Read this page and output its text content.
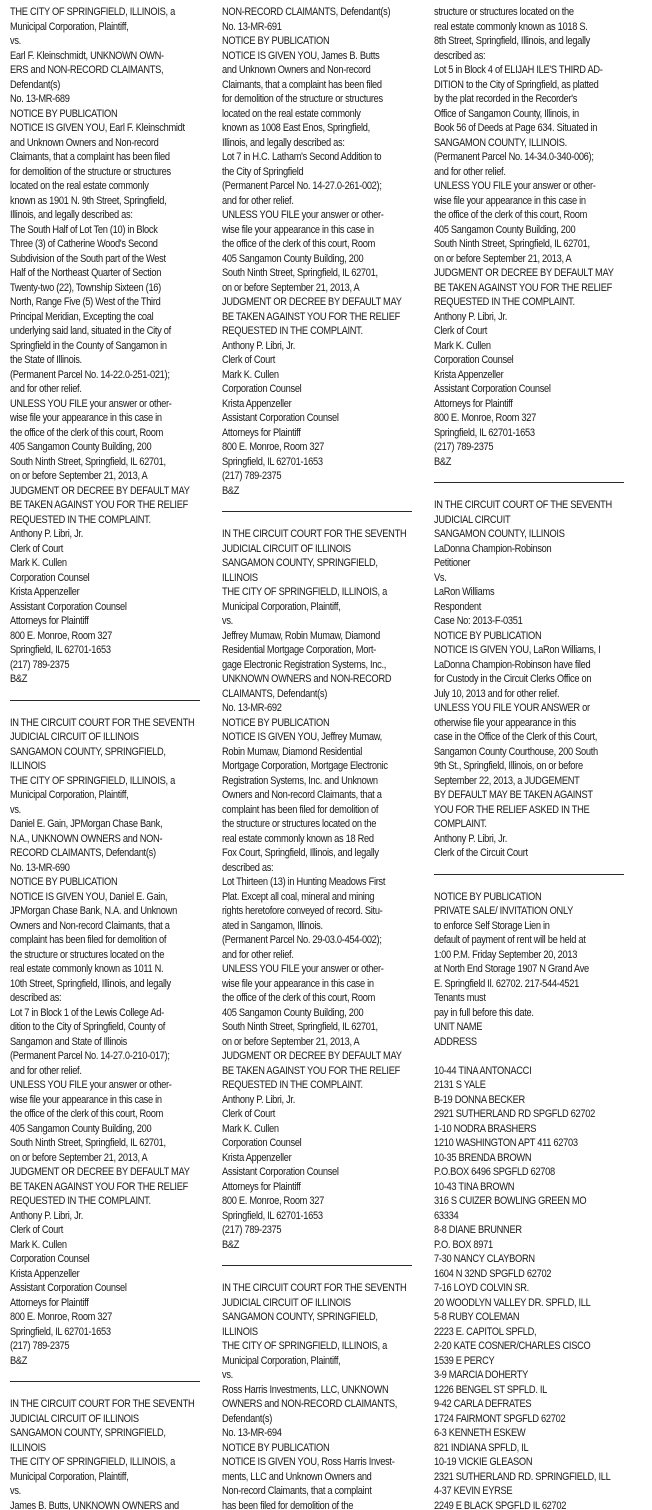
THE CITY OF SPRINGFIELD, ILLINOIS, a
Municipal Corporation, Plaintiff,
vs.
Earl F. Kleinschmidt, UNKNOWN OWN-
ERS and NON-RECORD CLAIMANTS,
Defendant(s)
No. 13-MR-689
NOTICE BY PUBLICATION
NOTICE IS GIVEN YOU, Earl F. Kleinschmidt
and Unknown Owners and Non-record
Claimants, that a complaint has been filed
for demolition of the structure or structures
located on the real estate commonly
known as 1901 N. 9th Street, Springfield,
Illinois, and legally described as:
The South Half of Lot Ten (10) in Block
Three (3) of Catherine Wood's Second
Subdivision of the South part of the West
Half of the Northeast Quarter of Section
Twenty-two (22), Township Sixteen (16)
North, Range Five (5) West of the Third
Principal Meridian, Excepting the coal
underlying said land, situated in the City of
Springfield in the County of Sangamon in
the State of Illinois.
(Permanent Parcel No. 14-22.0-251-021);
and for other relief.
UNLESS YOU FILE your answer or other-
wise file your appearance in this case in
the office of the clerk of this court, Room
405 Sangamon County Building, 200
South Ninth Street, Springfield, IL 62701,
on or before September 21, 2013, A
JUDGMENT OR DECREE BY DEFAULT MAY
BE TAKEN AGAINST YOU FOR THE RELIEF
REQUESTED IN THE COMPLAINT.
Anthony P. Libri, Jr.
Clerk of Court
Mark K. Cullen
Corporation Counsel
Krista Appenzeller
Assistant Corporation Counsel
Attorneys for Plaintiff
800 E. Monroe, Room 327
Springfield, IL 62701-1653
(217) 789-2375
B&Z

IN THE CIRCUIT COURT FOR THE SEVENTH
JUDICIAL CIRCUIT OF ILLINOIS
SANGAMON COUNTY, SPRINGFIELD,
ILLINOIS
THE CITY OF SPRINGFIELD, ILLINOIS, a
Municipal Corporation, Plaintiff,
vs.
Daniel E. Gain, JPMorgan Chase Bank,
N.A., UNKNOWN OWNERS and NON-
RECORD CLAIMANTS, Defendant(s)
No. 13-MR-690
NOTICE BY PUBLICATION
NOTICE IS GIVEN YOU, Daniel E. Gain,
JPMorgan Chase Bank, N.A. and Unknown
Owners and Non-record Claimants, that a
complaint has been filed for demolition of
the structure or structures located on the
real estate commonly known as 1011 N.
10th Street, Springfield, Illinois, and legally
described as:
Lot 7 in Block 1 of the Lewis College Ad-
dition to the City of Springfield, County of
Sangamon and State of Illinois
(Permanent Parcel No. 14-27.0-210-017);
and for other relief.
UNLESS YOU FILE your answer or other-
wise file your appearance in this case in
the office of the clerk of this court, Room
405 Sangamon County Building, 200
South Ninth Street, Springfield, IL 62701,
on or before September 21, 2013, A
JUDGMENT OR DECREE BY DEFAULT MAY
BE TAKEN AGAINST YOU FOR THE RELIEF
REQUESTED IN THE COMPLAINT.
Anthony P. Libri, Jr.
Clerk of Court
Mark K. Cullen
Corporation Counsel
Krista Appenzeller
Assistant Corporation Counsel
Attorneys for Plaintiff
800 E. Monroe, Room 327
Springfield, IL 62701-1653
(217) 789-2375
B&Z

IN THE CIRCUIT COURT FOR THE SEVENTH
JUDICIAL CIRCUIT OF ILLINOIS
SANGAMON COUNTY, SPRINGFIELD,
ILLINOIS
THE CITY OF SPRINGFIELD, ILLINOIS, a
Municipal Corporation, Plaintiff,
vs.
James B. Butts, UNKNOWN OWNERS and

NON-RECORD CLAIMANTS, Defendant(s)
No. 13-MR-691
NOTICE BY PUBLICATION
NOTICE IS GIVEN YOU, James B. Butts
and Unknown Owners and Non-record
Claimants, that a complaint has been filed
for demolition of the structure or structures
located on the real estate commonly
known as 1008 East Enos, Springfield,
Illinois, and legally described as:
Lot 7 in H.C. Latham's Second Addition to
the City of Springfield
(Permanent Parcel No. 14-27.0-261-002);
and for other relief.
UNLESS YOU FILE your answer or other-
wise file your appearance in this case in
the office of the clerk of this court, Room
405 Sangamon County Building, 200
South Ninth Street, Springfield, IL 62701,
on or before September 21, 2013, A
JUDGMENT OR DECREE BY DEFAULT MAY
BE TAKEN AGAINST YOU FOR THE RELIEF
REQUESTED IN THE COMPLAINT.
Anthony P. Libri, Jr.
Clerk of Court
Mark K. Cullen
Corporation Counsel
Krista Appenzeller
Assistant Corporation Counsel
Attorneys for Plaintiff
800 E. Monroe, Room 327
Springfield, IL 62701-1653
(217) 789-2375
B&Z

IN THE CIRCUIT COURT FOR THE SEVENTH
JUDICIAL CIRCUIT OF ILLINOIS
SANGAMON COUNTY, SPRINGFIELD,
ILLINOIS
THE CITY OF SPRINGFIELD, ILLINOIS, a
Municipal Corporation, Plaintiff,
vs.
Jeffrey Mumaw, Robin Mumaw, Diamond
Residential Mortgage Corporation, Mort-
gage Electronic Registration Systems, Inc.,
UNKNOWN OWNERS and NON-RECORD
CLAIMANTS, Defendant(s)
No. 13-MR-692
NOTICE BY PUBLICATION
NOTICE IS GIVEN YOU, Jeffrey Mumaw,
Robin Mumaw, Diamond Residential
Mortgage Corporation, Mortgage Electronic
Registration Systems, Inc. and Unknown
Owners and Non-record Claimants, that a
complaint has been filed for demolition of
the structure or structures located on the
real estate commonly known as 18 Red
Fox Court, Springfield, Illinois, and legally
described as:
Lot Thirteen (13) in Hunting Meadows First
Plat. Except all coal, mineral and mining
rights heretofore conveyed of record. Situ-
ated in Sangamon, Illinois.
(Permanent Parcel No. 29-03.0-454-002);
and for other relief.
UNLESS YOU FILE your answer or other-
wise file your appearance in this case in
the office of the clerk of this court, Room
405 Sangamon County Building, 200
South Ninth Street, Springfield, IL 62701,
on or before September 21, 2013, A
JUDGMENT OR DECREE BY DEFAULT MAY
BE TAKEN AGAINST YOU FOR THE RELIEF
REQUESTED IN THE COMPLAINT.
Anthony P. Libri, Jr.
Clerk of Court
Mark K. Cullen
Corporation Counsel
Krista Appenzeller
Assistant Corporation Counsel
Attorneys for Plaintiff
800 E. Monroe, Room 327
Springfield, IL 62701-1653
(217) 789-2375
B&Z

IN THE CIRCUIT COURT FOR THE SEVENTH
JUDICIAL CIRCUIT OF ILLINOIS
SANGAMON COUNTY, SPRINGFIELD,
ILLINOIS
THE CITY OF SPRINGFIELD, ILLINOIS, a
Municipal Corporation, Plaintiff,
vs.
Ross Harris Investments, LLC, UNKNOWN
OWNERS and NON-RECORD CLAIMANTS,
Defendant(s)
No. 13-MR-694
NOTICE BY PUBLICATION
NOTICE IS GIVEN YOU, Ross Harris Invest-
ments, LLC and Unknown Owners and
Non-record Claimants, that a complaint
has been filed for demolition of the

structure or structures located on the
real estate commonly known as 1018 S.
8th Street, Springfield, Illinois, and legally
described as:
Lot 5 in Block 4 of ELIJAH ILE'S THIRD AD-
DITION to the City of Springfield, as platted
by the plat recorded in the Recorder's
Office of Sangamon County, Illinois, in
Book 56 of Deeds at Page 634. Situated in
SANGAMON COUNTY, ILLINOIS.
(Permanent Parcel No. 14-34.0-340-006);
and for other relief.
UNLESS YOU FILE your answer or other-
wise file your appearance in this case in
the office of the clerk of this court, Room
405 Sangamon County Building, 200
South Ninth Street, Springfield, IL 62701,
on or before September 21, 2013, A
JUDGMENT OR DECREE BY DEFAULT MAY
BE TAKEN AGAINST YOU FOR THE RELIEF
REQUESTED IN THE COMPLAINT.
Anthony P. Libri, Jr.
Clerk of Court
Mark K. Cullen
Corporation Counsel
Krista Appenzeller
Assistant Corporation Counsel
Attorneys for Plaintiff
800 E. Monroe, Room 327
Springfield, IL 62701-1653
(217) 789-2375
B&Z

IN THE CIRCUIT COURT OF THE SEVENTH
JUDICIAL CIRCUIT
SANGAMON COUNTY, ILLINOIS
LaDonna Champion-Robinson
Petitioner
Vs.
LaRon Williams
Respondent
Case No: 2013-F-0351
NOTICE BY PUBLICATION
NOTICE IS GIVEN YOU, LaRon Williams, I
LaDonna Champion-Robinson have filed
for Custody in the Circuit Clerks Office on
July 10, 2013 and for other relief.
UNLESS YOU FILE YOUR ANSWER or
otherwise file your appearance in this
case in the Office of the Clerk of this Court,
Sangamon County Courthouse, 200 South
9th St., Springfield, Illinois, on or before
September 22, 2013, a JUDGEMENT
BY DEFAULT MAY BE TAKEN AGAINST
YOU FOR THE RELIEF ASKED IN THE
COMPLAINT.
Anthony P. Libri, Jr.
Clerk of the Circuit Court

NOTICE BY PUBLICATION
PRIVATE SALE/ INVITATION ONLY
to enforce Self Storage Lien in
default of payment of rent will be held at
1:00 P.M. Friday September 20, 2013
at North End Storage 1907 N Grand Ave
E. Springfield Il. 62702. 217-544-4521
Tenants must
pay in full before this date.
UNIT NAME
ADDRESS

10-44 TINA ANTONACCI
2131 S YALE
B-19 DONNA BECKER
2921 SUTHERLAND RD SPGFLD 62702
1-10 NODRA BRASHERS
1210 WASHINGTON APT 411 62703
10-35 BRENDA BROWN
P.O.BOX 6496 SPGFLD 62708
10-43 TINA BROWN
316 S CUIZER BOWLING GREEN MO
63334
8-8 DIANE BRUNNER
P.O. BOX 8971
7-30 NANCY CLAYBORN
1604 N 32ND SPGFLD 62702
7-16 LOYD COLVIN SR.
20 WOODLYN VALLEY DR. SPFLD, ILL
5-8 RUBY COLEMAN
2223 E. CAPITOL SPFLD,
2-20 KATE COSNER/CHARLES CISCO
1539 E PERCY
3-9 MARCIA DOHERTY
1226 BENGEL ST SPFLD. IL
9-42 CARLA DEFRATES
1724 FAIRMONT SPGFLD 62702
6-3 KENNETH ESKEW
821 INDIANA SPFLD, IL
10-19 VICKIE GLEASON
2321 SUTHERLAND RD. SPRINGFIELD, ILL
4-37 KEVIN EYRSE
2249 E BLACK SPGFLD IL 62702
